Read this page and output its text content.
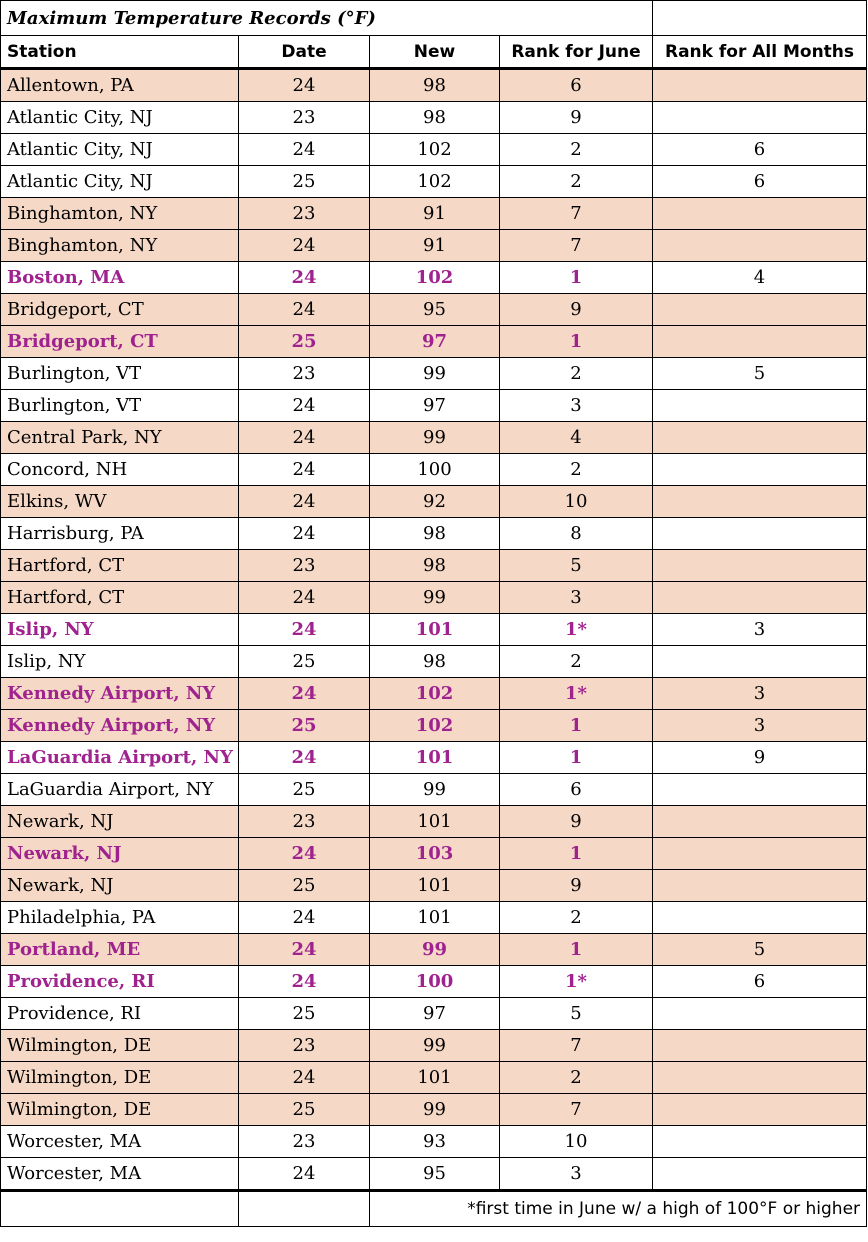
Maximum Temperature Records (°F)				
Station	Date	New	Rank for June	Rank for All Months
Allentown, PA	24	98	6	
Atlantic City, NJ	23	98	9	
Atlantic City, NJ	24	102	2	6
Atlantic City, NJ	25	102	2	6
Binghamton, NY	23	91	7	
Binghamton, NY	24	91	7	
Boston, MA	24	102	1	4
Bridgeport, CT	24	95	9	
Bridgeport, CT	25	97	1	
Burlington, VT	23	99	2	5
Burlington, VT	24	97	3	
Central Park, NY	24	99	4	
Concord, NH	24	100	2	
Elkins, WV	24	92	10	
Harrisburg, PA	24	98	8	
Hartford, CT	23	98	5	
Hartford, CT	24	99	3	
Islip, NY	24	101	1*	3
Islip, NY	25	98	2	
Kennedy Airport, NY	24	102	1*	3
Kennedy Airport, NY	25	102	1	3
LaGuardia Airport, NY	24	101	1	9
LaGuardia Airport, NY	25	99	6	
Newark, NJ	23	101	9	
Newark, NJ	24	103	1	
Newark, NJ	25	101	9	
Philadelphia, PA	24	101	2	
Portland, ME	24	99	1	5
Providence, RI	24	100	1*	6
Providence, RI	25	97	5	
Wilmington, DE	23	99	7	
Wilmington, DE	24	101	2	
Wilmington, DE	25	99	7	
Worcester, MA	23	93	10	
Worcester, MA	24	95	3	
		*first time in June w/ a high of 100°F or higher		
